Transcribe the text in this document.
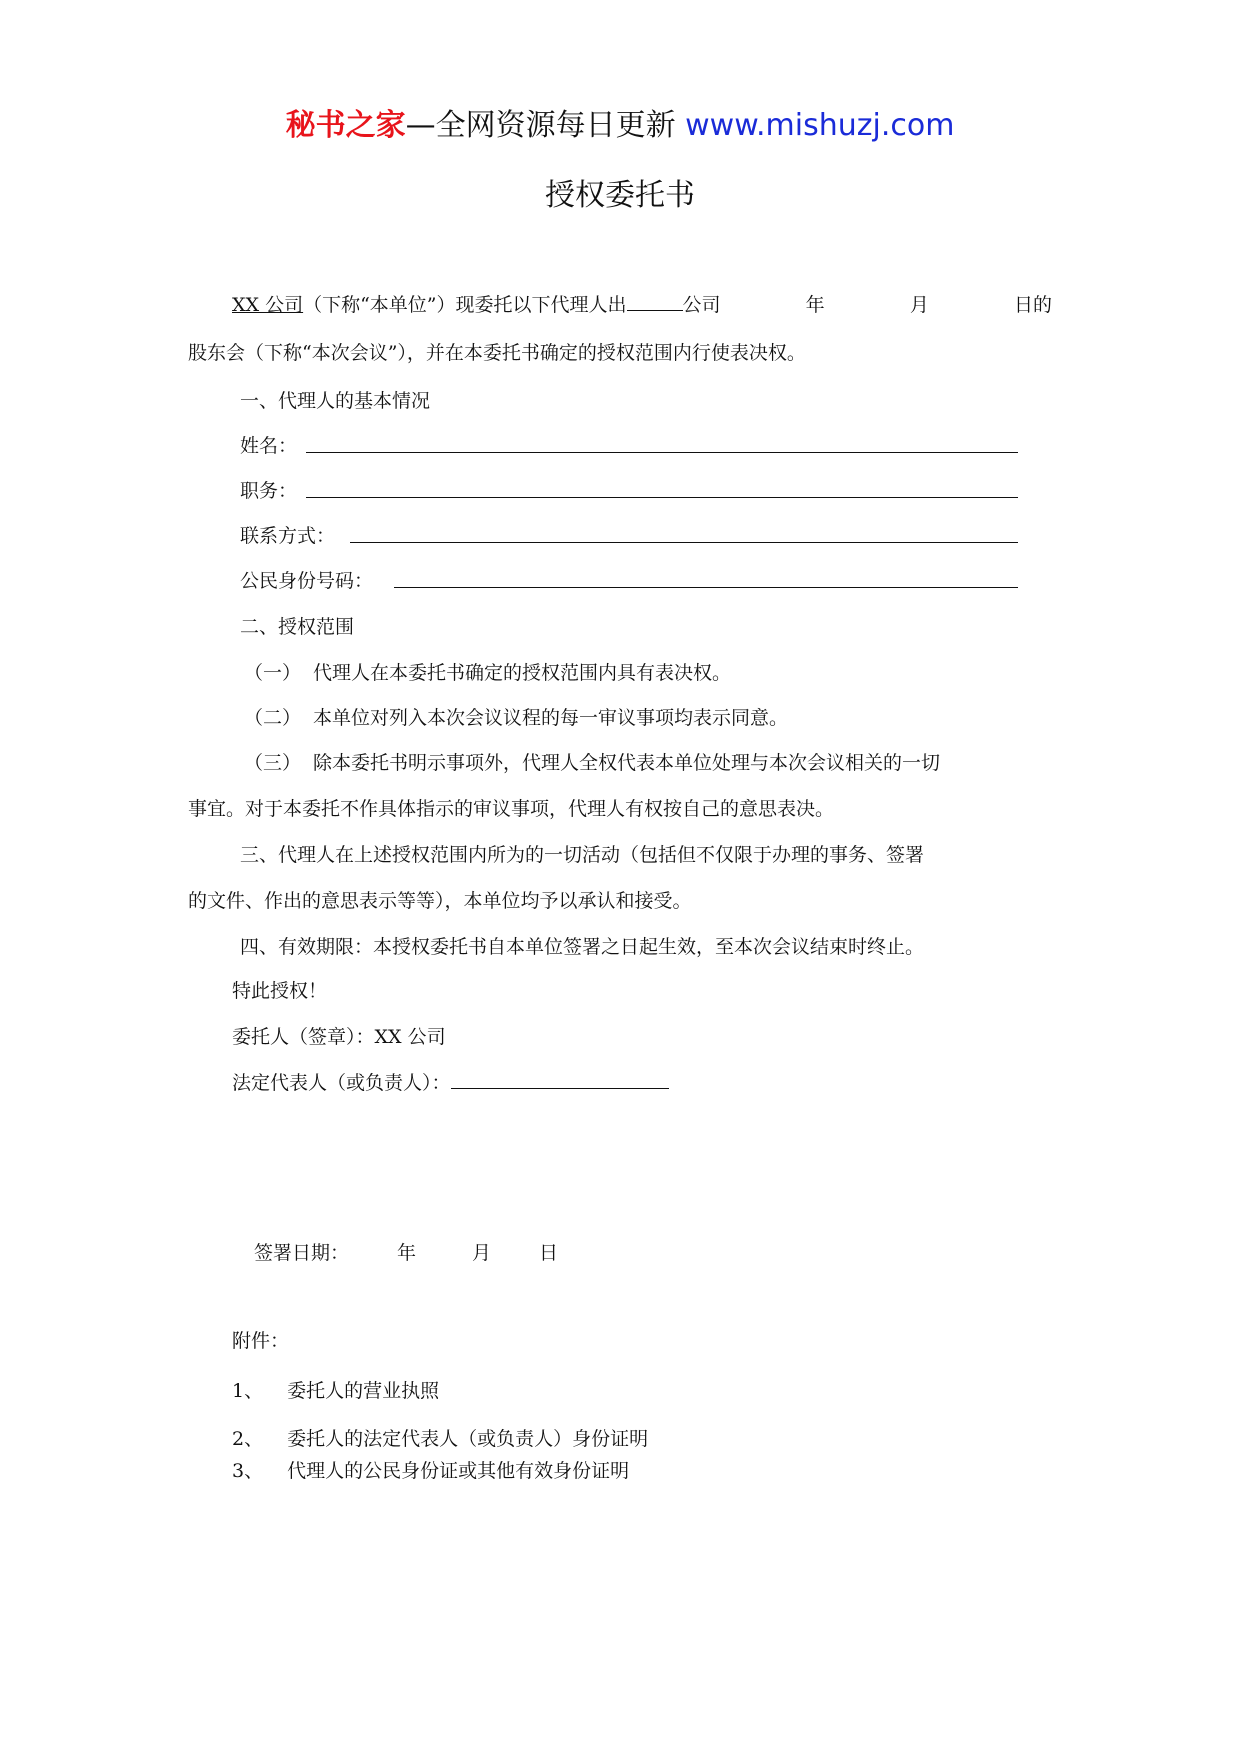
秘书之家—全网资源每日更新 www.mishuzj.com
授权委托书
XX 公司 （下称“本单位”）现委托以下代理人出	公司	年	月	日的
股东会（下称“本次会议”），并在本委托书确定的授权范围内行使表决权。
一、代理人的基本情况
姓名：
职务：
联系方式：
公民身份号码：
二、授权范围
（一） 代理人在本委托书确定的授权范围内具有表决权。
（二） 本单位对列入本次会议议程的每一审议事项均表示同意。
（三） 除本委托书明示事项外，代理人全权代表本单位处理与本次会议相关的一切
事宜。对于本委托不作具体指示的审议事项，代理人有权按自己的意思表决。
三、代理人在上述授权范围内所为的一切活动（包括但不仅限于办理的事务、签署
的文件、作出的意思表示等等），本单位均予以承认和接受。
四、有效期限：本授权委托书自本单位签署之日起生效，至本次会议结束时终止。
特此授权！
委托人（签章）：XX 公司
法定代表人（或负责人）：
签署日期：	年	月	日
附件：
1、 委托人的营业执照
2、 委托人的法定代表人（或负责人）身份证明
3、 代理人的公民身份证或其他有效身份证明
